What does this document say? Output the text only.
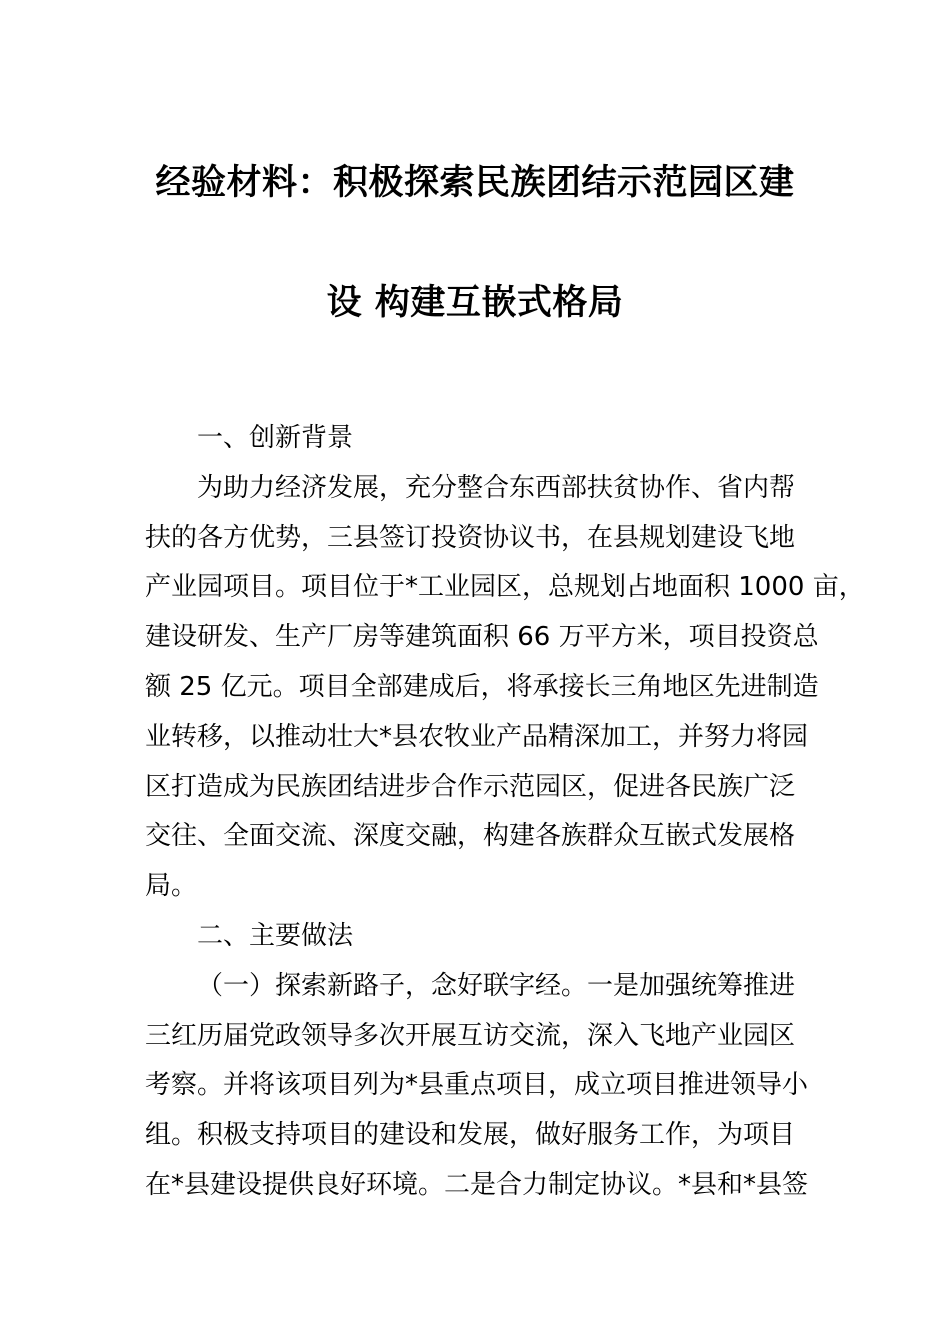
经验材料：积极探索民族团结示范园区建
设 构建互嵌式格局
一、创新背景
为助力经济发展，充分整合东西部扶贫协作、省内帮
扶的各方优势，三县签订投资协议书，在县规划建设飞地
产业园项目。项目位于*工业园区，总规划占地面积 1000 亩，
建设研发、生产厂房等建筑面积 66 万平方米，项目投资总
额 25 亿元。项目全部建成后，将承接长三角地区先进制造
业转移，以推动壮大*县农牧业产品精深加工，并努力将园
区打造成为民族团结进步合作示范园区，促进各民族广泛
交往、全面交流、深度交融，构建各族群众互嵌式发展格
局。
二、主要做法
（一）探索新路子，念好联字经。一是加强统筹推进
三红历届党政领导多次开展互访交流，深入飞地产业园区
考察。并将该项目列为*县重点项目，成立项目推进领导小
组。积极支持项目的建设和发展，做好服务工作，为项目
在*县建设提供良好环境。二是合力制定协议。*县和*县签
